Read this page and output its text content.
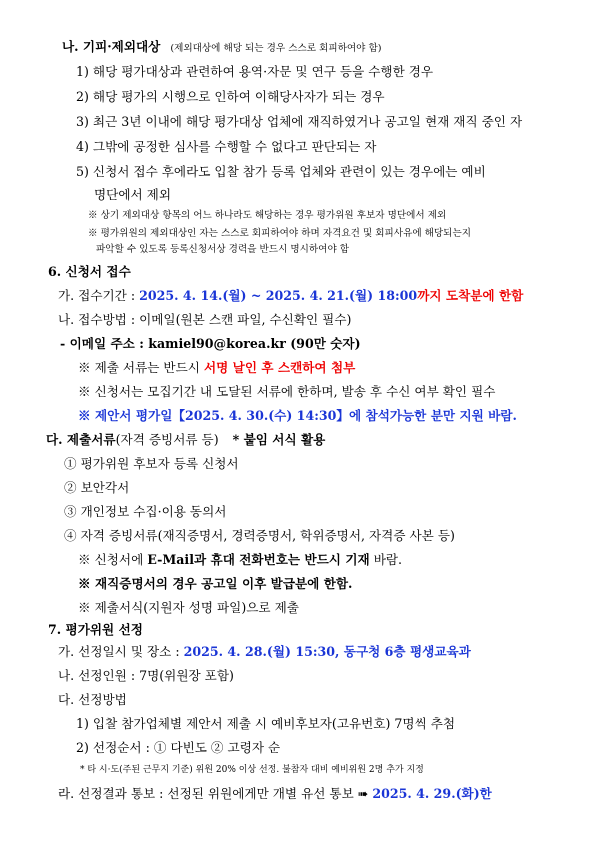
나. 기피·제외대상 (제외대상에 해당 되는 경우 스스로 회피하여야 함)
1) 해당 평가대상과 관련하여 용역·자문 및 연구 등을 수행한 경우
2) 해당 평가의 시행으로 인하여 이해당사자가 되는 경우
3) 최근 3년 이내에 해당 평가대상 업체에 재직하였거나 공고일 현재 재직 중인 자
4) 그밖에 공정한 심사를 수행할 수 없다고 판단되는 자
5) 신청서 접수 후에라도 입찰 참가 등록 업체와 관련이 있는 경우에는 예비
명단에서 제외
※ 상기 제외대상 항목의 어느 하나라도 해당하는 경우 평가위원 후보자 명단에서 제외
※ 평가위원의 제외대상인 자는 스스로 회피하여야 하며 자격요건 및 회피사유에 해당되는지
파악할 수 있도록 등록신청서상 경력을 반드시 명시하여야 함
6. 신청서 접수
가. 접수기간 : 2025. 4. 14.(월) ~ 2025. 4. 21.(월) 18:00까지 도착분에 한함
나. 접수방법 : 이메일(원본 스캔 파일, 수신확인 필수)
- 이메일 주소 : kamiel90@korea.kr (90만 숫자)
※ 제출 서류는 반드시 서명 날인 후 스캔하여 첨부
※ 신청서는 모집기간 내 도달된 서류에 한하며, 발송 후 수신 여부 확인 필수
※ 제안서 평가일【2025. 4. 30.(수) 14:30】에 참석가능한 분만 지원 바람.
다. 제출서류(자격 증빙서류 등) * 붙임 서식 활용
① 평가위원 후보자 등록 신청서
② 보안각서
③ 개인정보 수집·이용 동의서
④ 자격 증빙서류(재직증명서, 경력증명서, 학위증명서, 자격증 사본 등)
※ 신청서에 E-Mail과 휴대 전화번호는 반드시 기재 바람.
※ 재직증명서의 경우 공고일 이후 발급분에 한함.
※ 제출서식(지원자 성명 파일)으로 제출
7. 평가위원 선정
가. 선정일시 및 장소 : 2025. 4. 28.(월) 15:30, 동구청 6층 평생교육과
나. 선정인원 : 7명(위원장 포함)
다. 선정방법
1) 입찰 참가업체별 제안서 제출 시 예비후보자(고유번호) 7명씩 추첨
2) 선정순서 : ① 다빈도 ② 고령자 순
* 타 시·도(주된 근무지 기준) 위원 20% 이상 선정. 불참자 대비 예비위원 2명 추가 지정
라. 선정결과 통보 : 선정된 위원에게만 개별 유선 통보 ➠ 2025. 4. 29.(화)한
